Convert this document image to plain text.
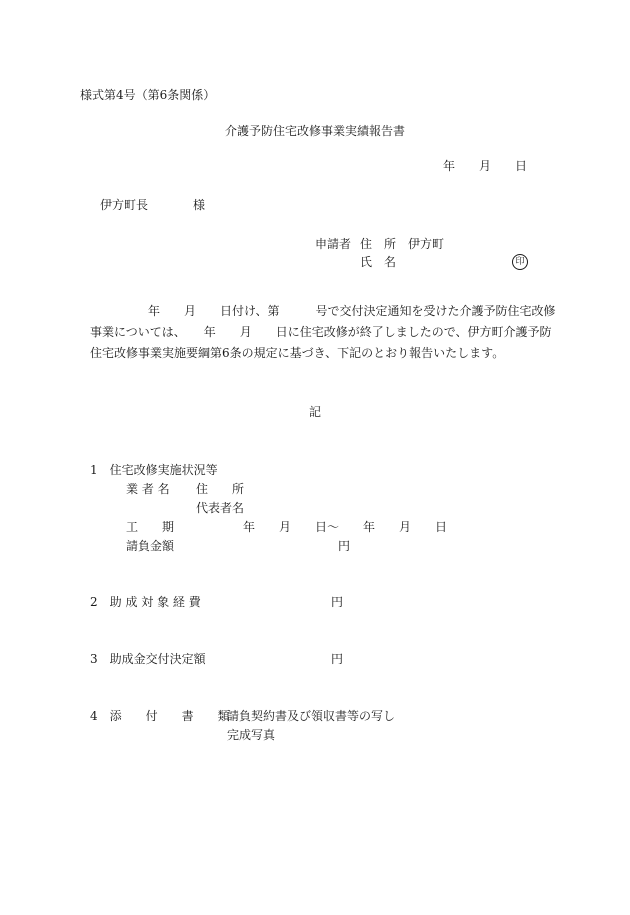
様式第4号（第6条関係）
介護予防住宅改修事業実績報告書
年 月 日
伊方町長	様
申請者 住　所 伊方町
氏　名	印
年　　月　　日付け、第　　　号で交付決定通知を受けた介護予防住宅改修
事業については、　　年　　月　　日に住宅改修が終了しましたので、伊方町介護予防
住宅改修事業実施要綱第6条の規定に基づき、下記のとおり報告いたします。
記
1　住宅改修実施状況等
業 者 名 住　　所
代表者名
工　　期	年　　月　　日～　　年　　月　　日
請負金額	円
2　助 成 対 象 経 費	円
3　助成金交付決定額	円
4　添　　付　　書　　類
請負契約書及び領収書等の写し
完成写真
